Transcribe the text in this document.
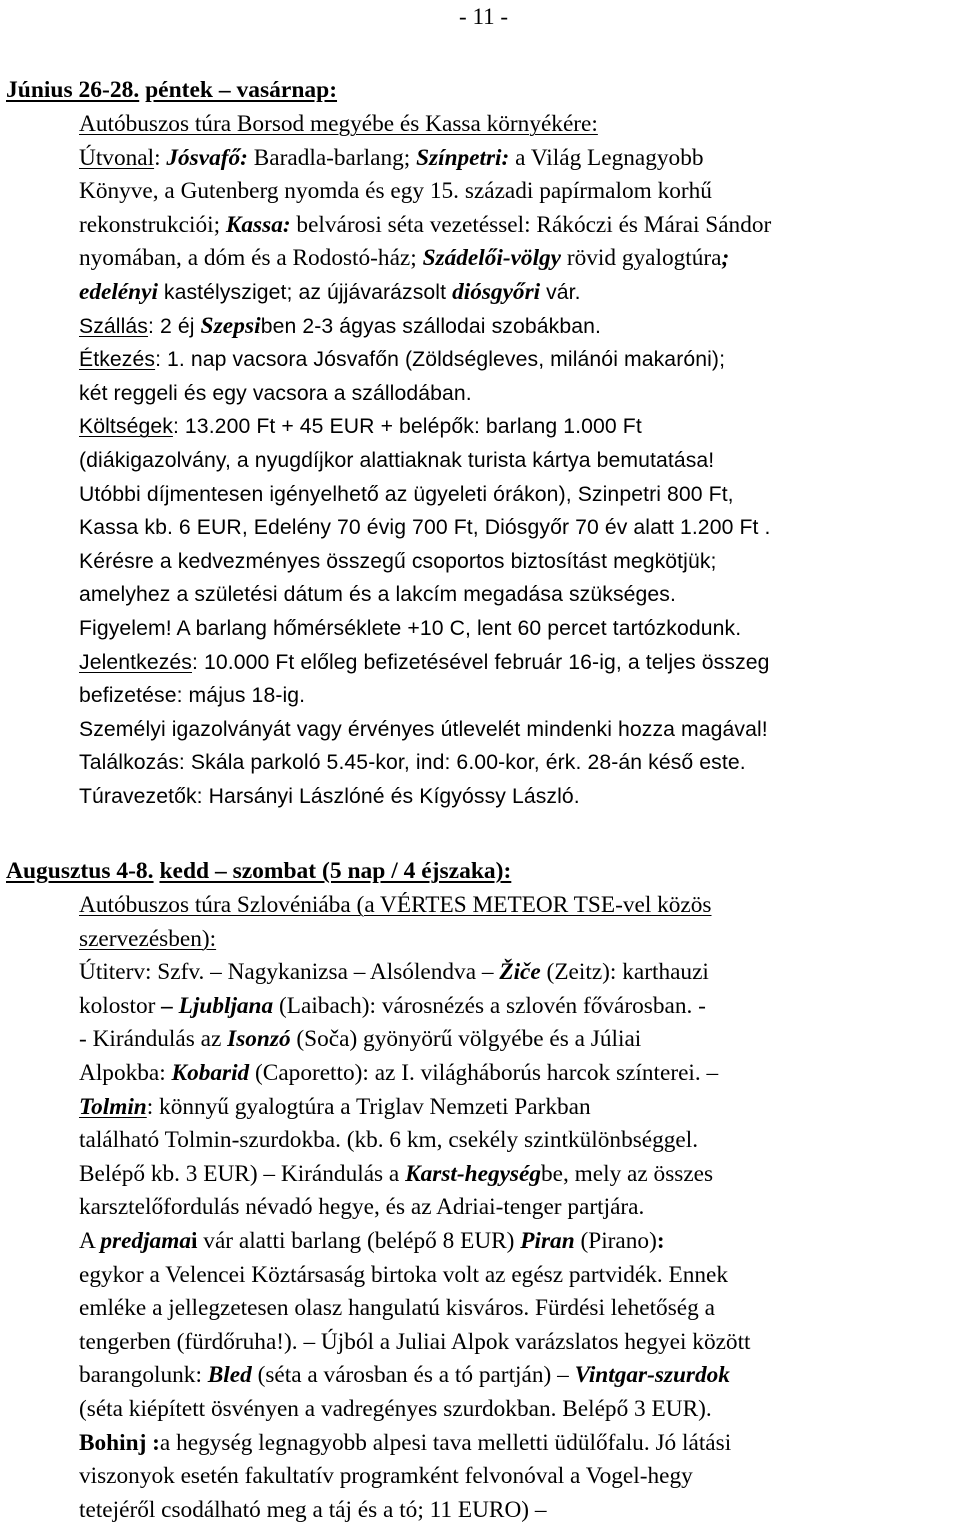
- 11 -
Június 26-28. péntek – vasárnap:
Autóbuszos túra Borsod megyébe és Kassa környékére:
Útvonal: Jósvafő: Baradla-barlang; Színpetri: a Világ Legnagyobb
Könyve, a Gutenberg nyomda és egy 15. századi papírmalom korhű
rekonstrukciói; Kassa: belvárosi séta vezetéssel: Rákóczi és Márai Sándor
nyomában, a dóm és a Rodostó-ház; Szádelői-völgy rövid gyalogtúra;
edelényi kastélysziget; az újjávarázsolt diósgyőri vár.
Szállás: 2 éj Szepsiben 2-3 ágyas szállodai szobákban.
Étkezés: 1. nap vacsora Jósvafőn (Zöldségleves, milánói makaróni);
két reggeli és egy vacsora a szállodában.
Költségek: 13.200 Ft + 45 EUR + belépők: barlang 1.000 Ft
(diákigazolvány, a nyugdíjkor alattiaknak turista kártya bemutatása!
Utóbbi díjmentesen igényelhető az ügyeleti órákon), Szinpetri 800 Ft,
Kassa kb. 6 EUR, Edelény 70 évig 700 Ft, Diósgyőr 70 év alatt 1.200 Ft .
Kérésre a kedvezményes összegű csoportos biztosítást megkötjük;
amelyhez a születési dátum és a lakcím megadása szükséges.
Figyelem! A barlang hőmérséklete +10 C, lent 60 percet tartózkodunk.
Jelentkezés: 10.000 Ft előleg befizetésével február 16-ig, a teljes összeg
befizetése: május 18-ig.
Személyi igazolványát vagy érvényes útlevelét mindenki hozza magával!
Találkozás: Skála parkoló 5.45-kor, ind: 6.00-kor, érk. 28-án késő este.
Túravezetők: Harsányi Lászlóné és Kígyóssy László.
Augusztus 4-8. kedd – szombat (5 nap / 4 éjszaka):
Autóbuszos túra Szlovéniába (a VÉRTES METEOR TSE-vel közös
szervezésben):
Útiterv: Szfv. – Nagykanizsa – Alsólendva – Žiče (Zeitz): karthauzi
kolostor – Ljubljana (Laibach): városnézés a szlovén fővárosban. -
- Kirándulás az Isonzó (Soča) gyönyörű völgyébe és a Júliai
Alpokba: Kobarid (Caporetto): az I. világháborús harcok színterei. –
Tolmin: könnyű gyalogtúra a Triglav Nemzeti Parkban
található Tolmin-szurdokba. (kb. 6 km, csekély szintkülönbséggel.
Belépő kb. 3 EUR) – Kirándulás a Karst-hegységbe, mely az összes
karsztelőfordulás névadó hegye, és az Adriai-tenger partjára.
A predjamai vár alatti barlang (belépő 8 EUR) Piran (Pirano):
egykor a Velencei Köztársaság birtoka volt az egész partvidék. Ennek
emléke a jellegzetesen olasz hangulatú kisváros. Fürdési lehetőség a
tengerben (fürdőruha!). – Újból a Juliai Alpok varázslatos hegyei között
barangolunk: Bled (séta a városban és a tó partján) – Vintgar-szurdok
(séta kiépített ösvényen a vadregényes szurdokban. Belépő 3 EUR).
Bohinj :a hegység legnagyobb alpesi tava melletti üdülőfalu. Jó látási
viszonyok esetén fakultatív programként felvonóval a Vogel-hegy
tetejéről csodálható meg a táj és a tó; 11 EURO) –
